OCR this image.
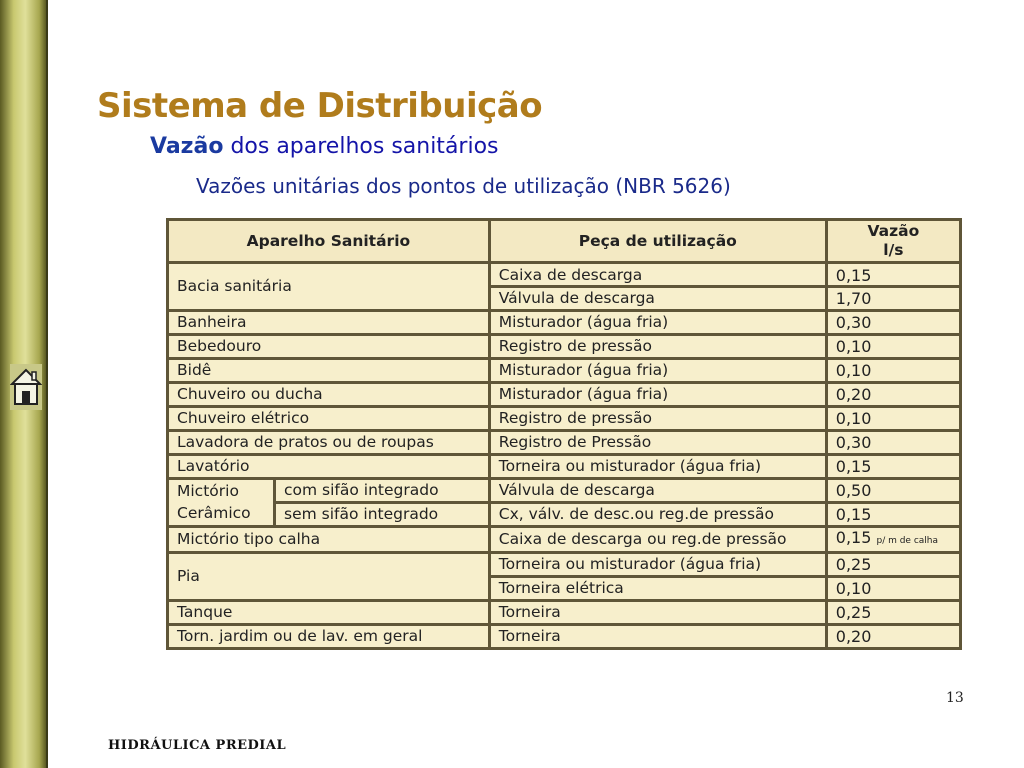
Sistema de Distribuição

Vazão dos aparelhos sanitários

Vazões unitárias dos pontos de utilização (NBR 5626)

Aparelho Sanitário		Peça de utilização	Vazão
l/s
Bacia sanitária		Caixa de descarga	0,15
		Válvula de descarga	1,70
Banheira		Misturador (água fria)	0,30
Bebedouro		Registro de pressão	0,10
Bidê		Misturador (água fria)	0,10
Chuveiro ou ducha		Misturador (água fria)	0,20
Chuveiro elétrico		Registro de pressão	0,10
Lavadora de pratos ou de roupas		Registro de Pressão	0,30
Lavatório		Torneira ou misturador (água fria)	0,15
Mictório	com sifão integrado	Válvula de descarga	0,50
Cerâmico	sem sifão integrado	Cx, válv. de desc.ou reg.de pressão	0,15
Mictório tipo calha		Caixa de descarga ou reg.de pressão	0,15 p/ m de calha
Pia		Torneira ou misturador (água fria)	0,25
		Torneira elétrica	0,10
Tanque		Torneira	0,25
Torn. jardim ou de lav. em geral		Torneira	0,20

13

HIDRÁULICA PREDIAL
